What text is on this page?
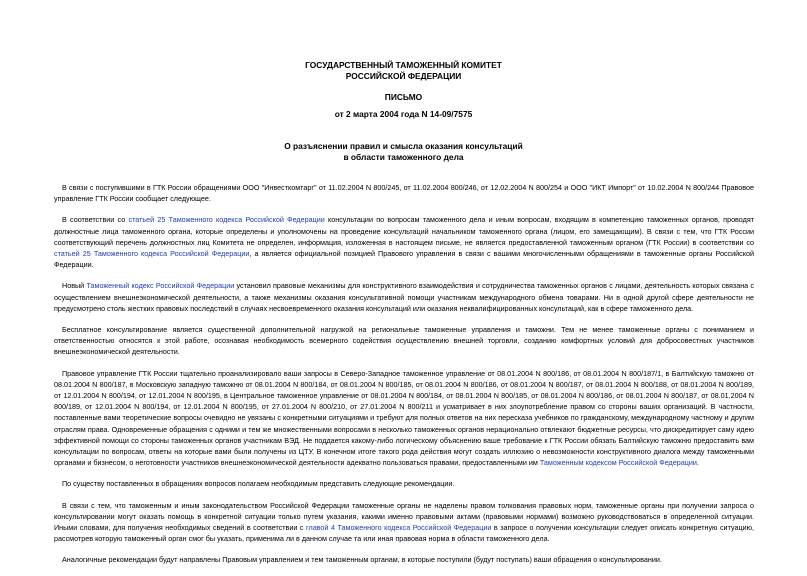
ГОСУДАРСТВЕННЫЙ ТАМОЖЕННЫЙ КОМИТЕТ
РОССИЙСКОЙ ФЕДЕРАЦИИ
ПИСЬМО
от 2 марта 2004 года N 14-09/7575
О разъяснении правил и смысла оказания консультаций
в области таможенного дела

В связи с поступившими в ГТК России обращениями ООО "Инвесткомтарг" от 11.02.2004 N 800/245, от 11.02.2004 800/246, от 12.02.2004 N 800/254 и ООО "ИКТ Импорт" от 10.02.2004 N 800/244 Правовое управление ГТК России сообщает следующее.

В соответствии со статьей 25 Таможенного кодекса Российской Федерации консультации по вопросам таможенного дела и иным вопросам, входящим в компетенцию таможенных органов, проводят должностные лица таможенного органа, которые определены и уполномочены на проведение консультаций начальником таможенного органа (лицом, его замещающим). В связи с тем, что ГТК России соответствующий перечень должностных лиц Комитета не определен, информация, изложенная в настоящем письме, не является предоставленной таможенным органом (ГТК России) в соответствии со статьей 25 Таможенного кодекса Российской Федерации, а является официальной позицией Правового управления в связи с вашими многочисленными обращениями в таможенные органы Российской Федерации.

Новый Таможенный кодекс Российской Федерации установил правовые механизмы для конструктивного взаимодействия и сотрудничества таможенных органов с лицами, деятельность которых связана с осуществлением внешнеэкономической деятельности, а также механизмы оказания консультативной помощи участникам международного обмена товарами. Ни в одной другой сфере деятельности не предусмотрено столь жестких правовых последствий в случаях несвоевременного оказания консультаций или оказания неквалифицированных консультаций, как в сфере таможенного дела.

Бесплатное консультирование является существенной дополнительной нагрузкой на региональные таможенные управления и таможни. Тем не менее таможенные органы с пониманием и ответственностью относятся к этой работе, осознавая необходимость всемерного содействия осуществлению внешней торговли, созданию комфортных условий для добросовестных участников внешнеэкономической деятельности.

Правовое управление ГТК России тщательно проанализировало ваши запросы в Северо-Западное таможенное управление от 08.01.2004 N 800/186, от 08.01.2004 N 800/187/1, в Балтийскую таможню от 08.01.2004 N 800/187, в Московскую западную таможню от 08.01.2004 N 800/184, от 08.01.2004 N 800/185, от 08.01.2004 N 800/186, от 08.01.2004 N 800/187, от 08.01.2004 N 800/188, от 08.01.2004 N 800/189, от 12.01.2004 N 800/194, от 12.01.2004 N 800/195, в Центральное таможенное управление от 08.01.2004 N 800/184, от 08.01.2004 N 800/185, от 08.01.2004 N 800/186, от 08.01.2004 N 800/187, от 08.01.2004 N 800/189, от 12.01.2004 N 800/194, от 12.01.2004 N 800/195, от 27.01.2004 N 800/210, от 27.01.2004 N 800/211 и усматривает в них злоупотребление правом со стороны ваших организаций. В частности, поставленные вами теоретические вопросы очевидно не увязаны с конкретными ситуациями и требуют для полных ответов на них пересказа учебников по гражданскому, международному частному и другим отраслям права. Одновременные обращения с одними и тем же множественными вопросами в несколько таможенных органов нерационально отвлекают бюджетные ресурсы, что дискредитирует саму идею эффективной помощи со стороны таможенных органов участникам ВЭД. Не поддается какому-либо логическому объяснению ваше требование к ГТК России обязать Балтийскую таможню предоставить вам консультации по вопросам, ответы на которые вами были получены из ЦТУ. В конечном итоге такого рода действия могут создать иллюзию о невозможности конструктивного диалога между таможенными органами и бизнесом, о неготовности участников внешнеэкономической деятельности адекватно пользоваться правами, предоставленными им Таможенным кодексом Российской Федерации.

По существу поставленных в обращениях вопросов полагаем необходимым представить следующие рекомендации.

В связи с тем, что таможенным и иным законодательством Российской Федерации таможенные органы не наделены правом толкования правовых норм, таможенные органы при получении запроса о консультировании могут оказать помощь в конкретной ситуации только путем указания, какими именно правовыми актами (правовыми нормами) возможно руководствоваться в определенной ситуации. Иными словами, для получения необходимых сведений в соответствии с главой 4 Таможенного кодекса Российской Федерации в запросе о получении консультации следует описать конкретную ситуацию, рассмотрев которую таможенный орган смог бы указать, применима ли в данном случае та или иная правовая норма в области таможенного дела.

Аналогичные рекомендации будут направлены Правовым управлением и тем таможенным органам, в которые поступили (будут поступать) ваши обращения о консультировании.
